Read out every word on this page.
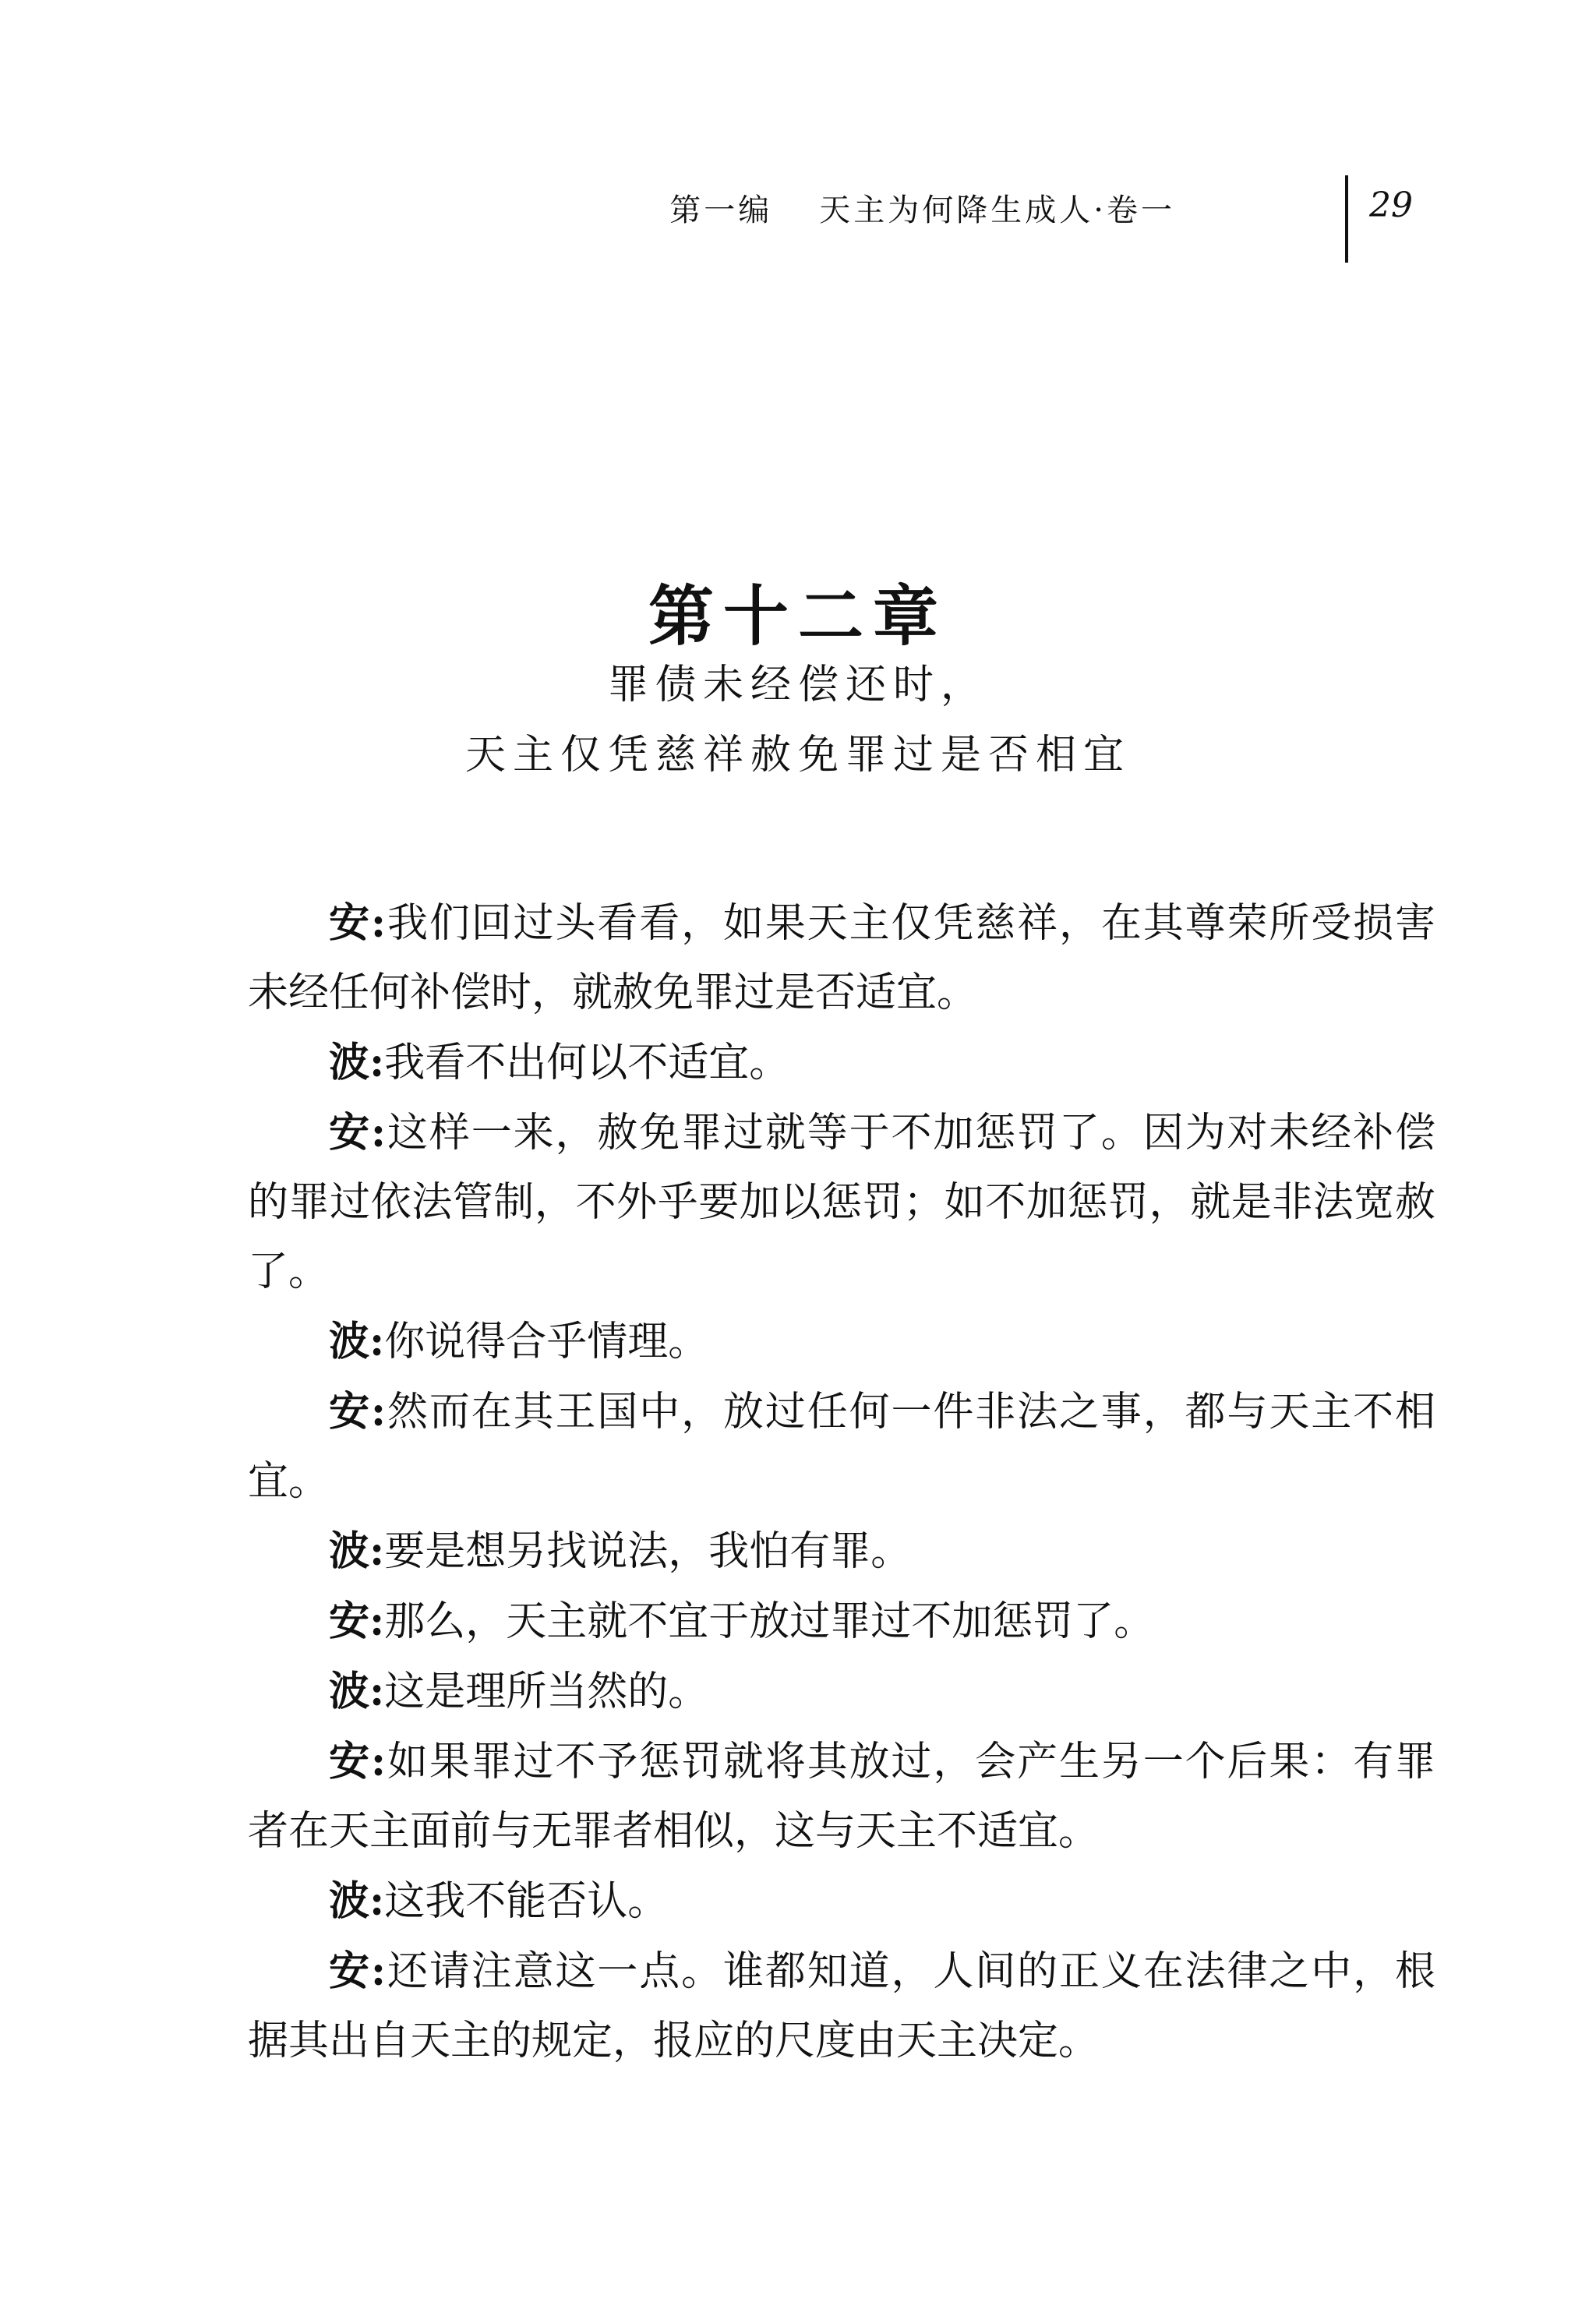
第一编 天主为何降生成人·卷一	29
第十二章
罪债未经偿还时，
天主仅凭慈祥赦免罪过是否相宜

安:我们回过头看看，如果天主仅凭慈祥，在其尊荣所受损害未经任何补偿时，就赦免罪过是否适宜。

波:我看不出何以不适宜。

安:这样一来，赦免罪过就等于不加惩罚了。因为对未经补偿的罪过依法管制，不外乎要加以惩罚；如不加惩罚，就是非法宽赦了。

波:你说得合乎情理。

安:然而在其王国中，放过任何一件非法之事，都与天主不相宜。

波:要是想另找说法，我怕有罪。

安:那么，天主就不宜于放过罪过不加惩罚了。

波:这是理所当然的。

安:如果罪过不予惩罚就将其放过，会产生另一个后果：有罪者在天主面前与无罪者相似，这与天主不适宜。

波:这我不能否认。

安:还请注意这一点。谁都知道，人间的正义在法律之中，根据其出自天主的规定，报应的尺度由天主决定。
